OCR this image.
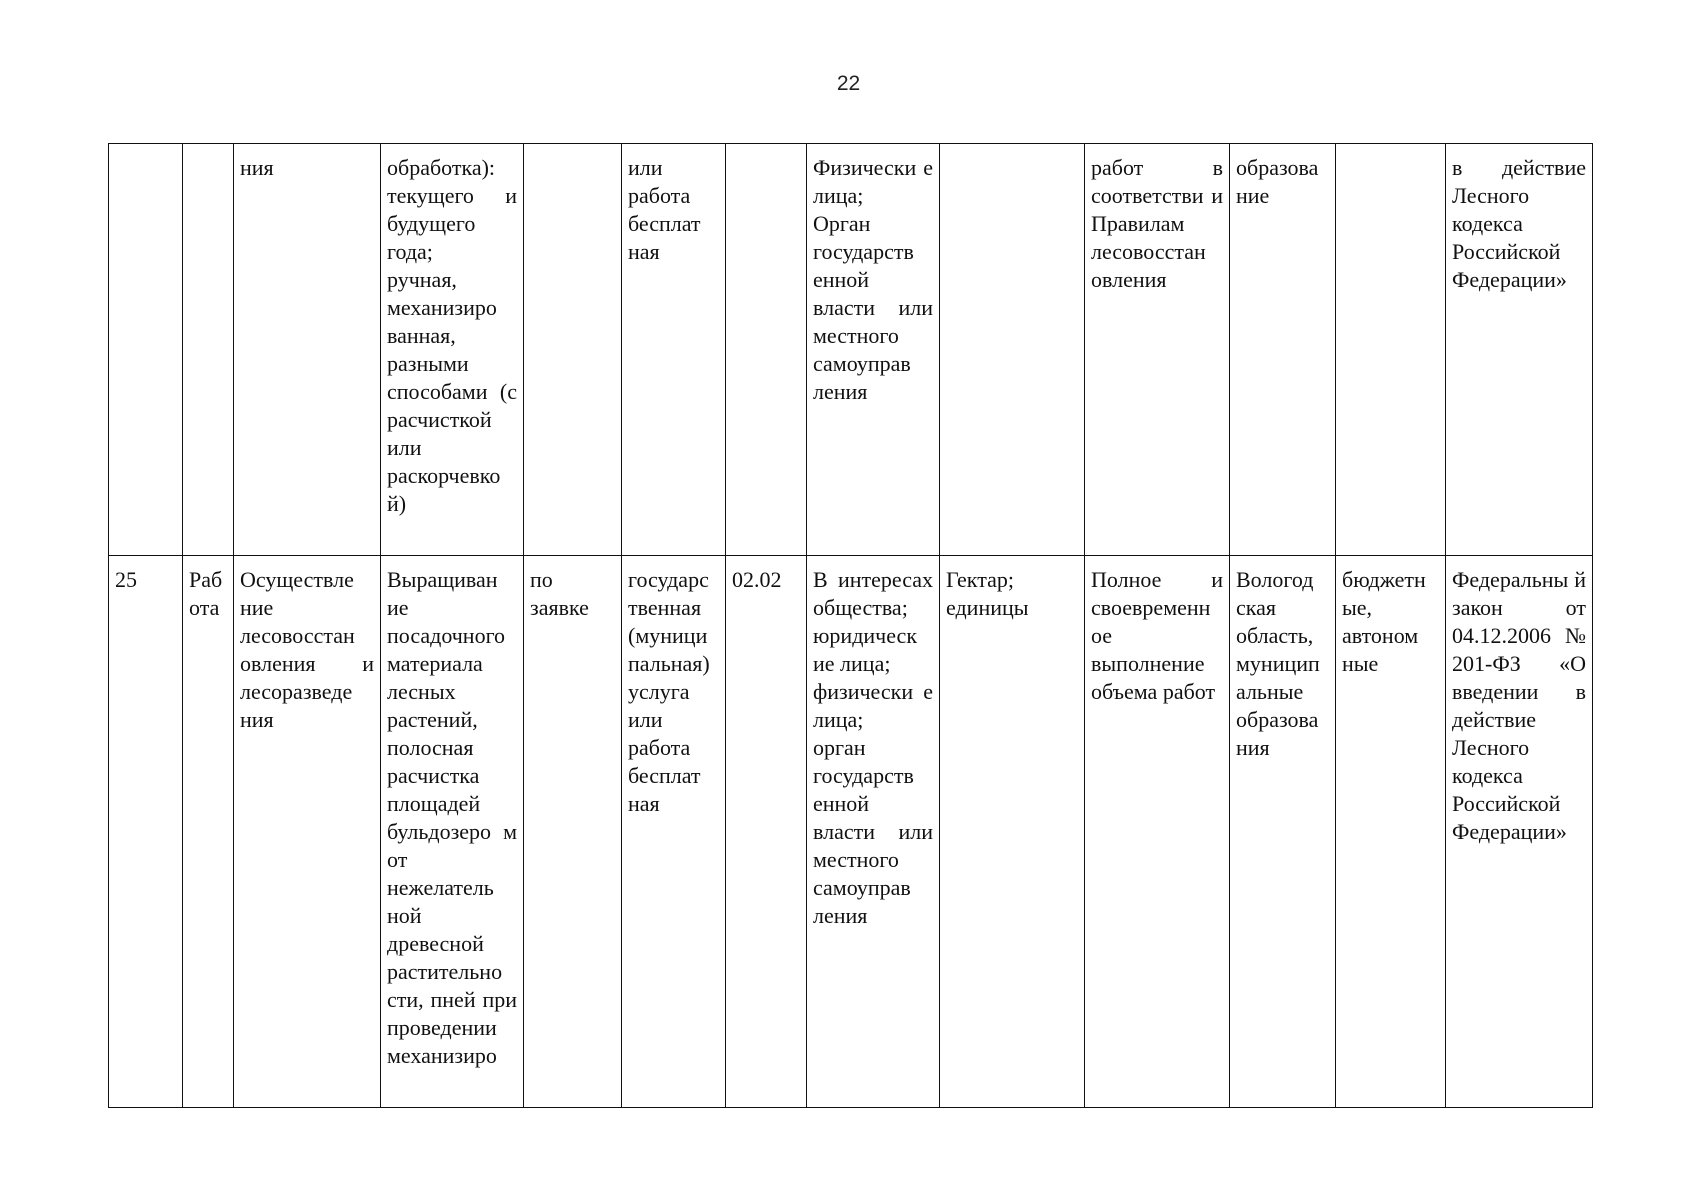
22
		ния	обработка):
текущего и будущего года;
ручная, механизиро ванная, разными способами (с расчисткой или раскорчевко й)		или работа бесплат ная		Физически е лица;
Орган государств енной власти или местного самоуправ ления		работ в соответстви и Правилам лесовосстан овления	образова ние		в действие Лесного кодекса Российской Федерации»
25	Раб ота	Осуществле ние лесовосстан овления и лесоразведе ния	Выращиван ие посадочного материала лесных растений, полосная расчистка площадей бульдозеро м от нежелатель ной древесной растительно сти, пней при проведении механизиро	по заявке	государс твенная (муници пальная) услуга или работа бесплат ная	02.02	В интересах общества;
юридическ ие лица;
физически е лица;
орган государств енной власти или местного самоуправ ления	Гектар;
единицы	Полное и своевременн ое выполнение объема работ	Вологод ская область, муницип альные образова ния	бюджетн ые, автоном ные	Федеральны й закон от 04.12.2006 № 201-ФЗ «О введении в действие Лесного кодекса Российской Федерации»
